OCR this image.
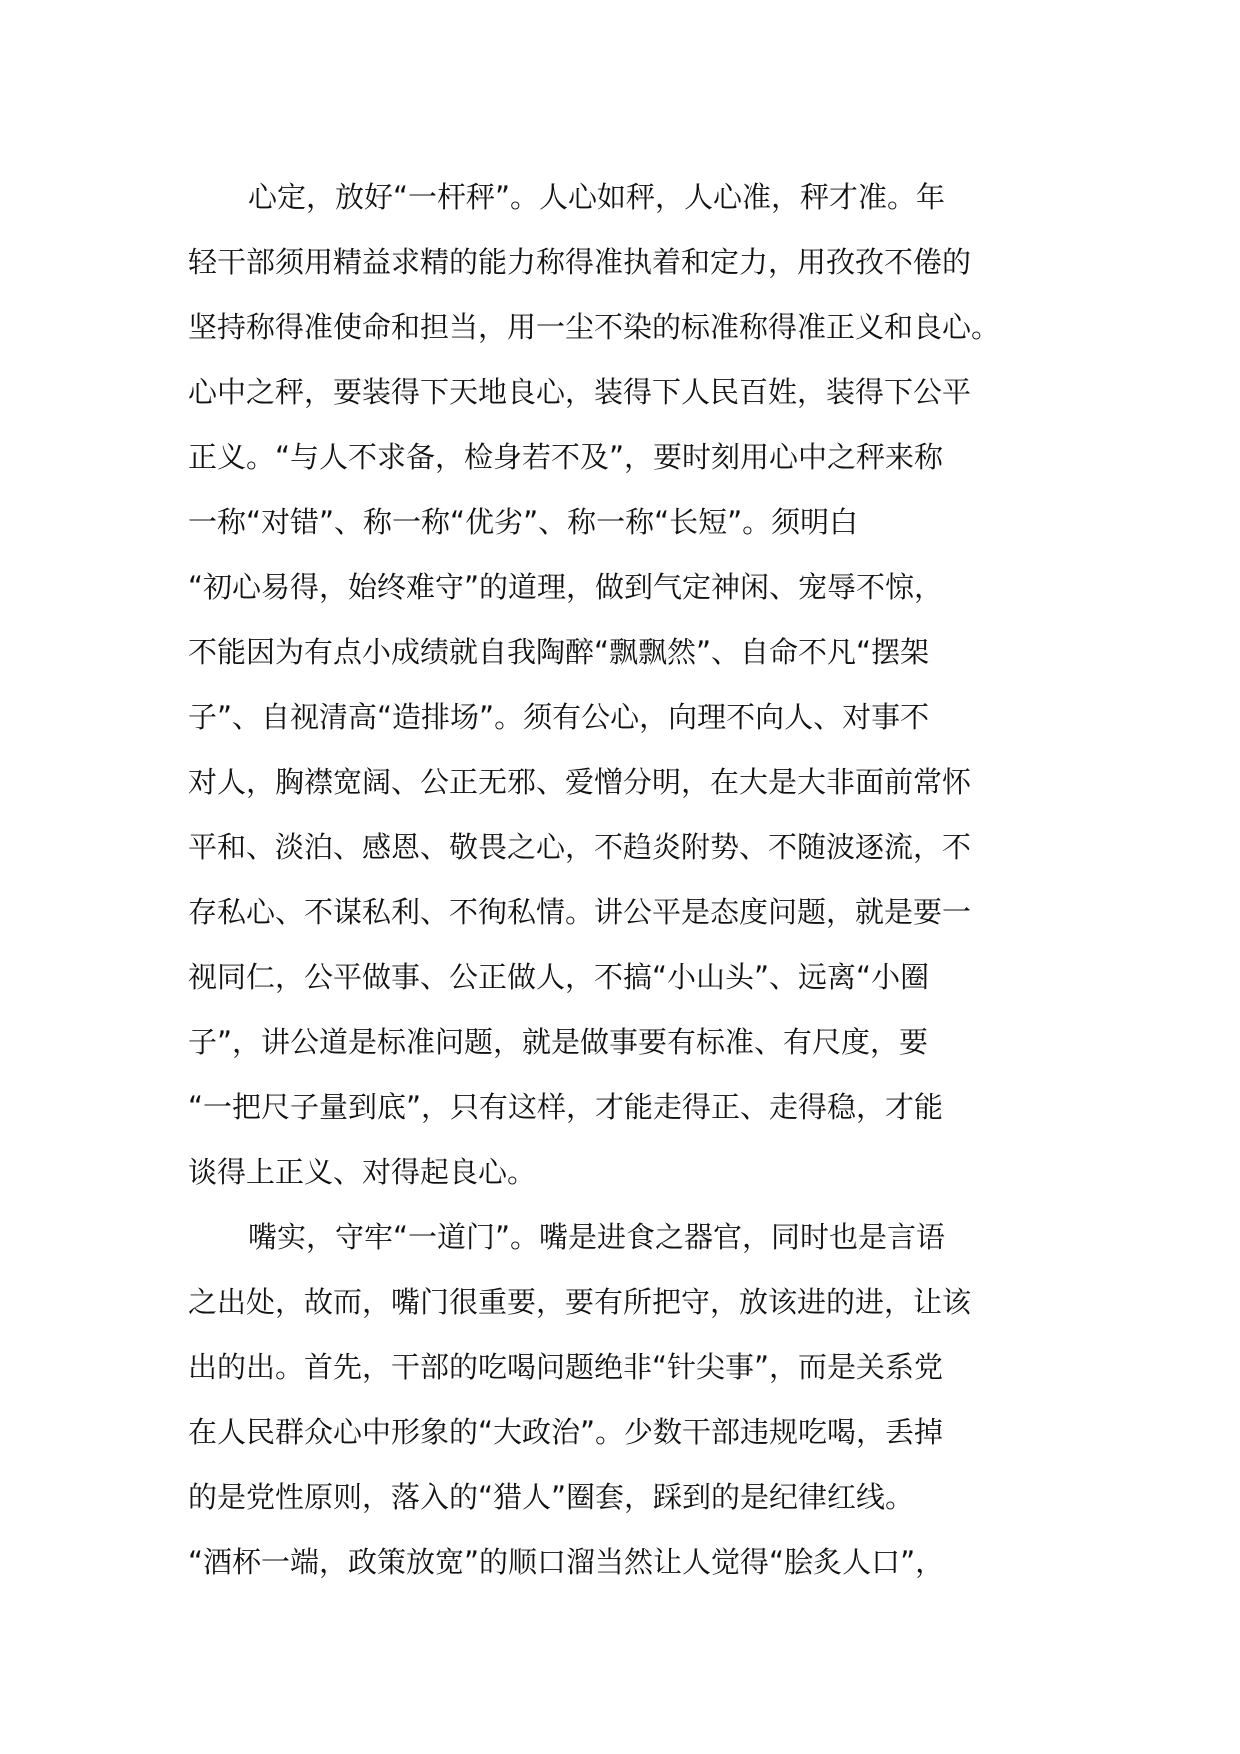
心定，放好“一杆秤”。人心如秤，人心准，秤才准。年
轻干部须用精益求精的能力称得准执着和定力，用孜孜不倦的
坚持称得准使命和担当，用一尘不染的标准称得准正义和良心。
心中之秤，要装得下天地良心，装得下人民百姓，装得下公平
正义。“与人不求备，检身若不及”，要时刻用心中之秤来称
一称“对错”、称一称“优劣”、称一称“长短”。须明白
“初心易得，始终难守”的道理，做到气定神闲、宠辱不惊，
不能因为有点小成绩就自我陶醉“飘飘然”、自命不凡“摆架
子”、自视清高“造排场”。须有公心，向理不向人、对事不
对人，胸襟宽阔、公正无邪、爱憎分明，在大是大非面前常怀
平和、淡泊、感恩、敬畏之心，不趋炎附势、不随波逐流，不
存私心、不谋私利、不徇私情。讲公平是态度问题，就是要一
视同仁，公平做事、公正做人，不搞“小山头”、远离“小圈
子”，讲公道是标准问题，就是做事要有标准、有尺度，要
“一把尺子量到底”，只有这样，才能走得正、走得稳，才能
谈得上正义、对得起良心。
嘴实，守牢“一道门”。嘴是进食之器官，同时也是言语
之出处，故而，嘴门很重要，要有所把守，放该进的进，让该
出的出。首先，干部的吃喝问题绝非“针尖事”，而是关系党
在人民群众心中形象的“大政治”。少数干部违规吃喝，丢掉
的是党性原则，落入的“猎人”圈套，踩到的是纪律红线。
“酒杯一端，政策放宽”的顺口溜当然让人觉得“脍炙人口”，
